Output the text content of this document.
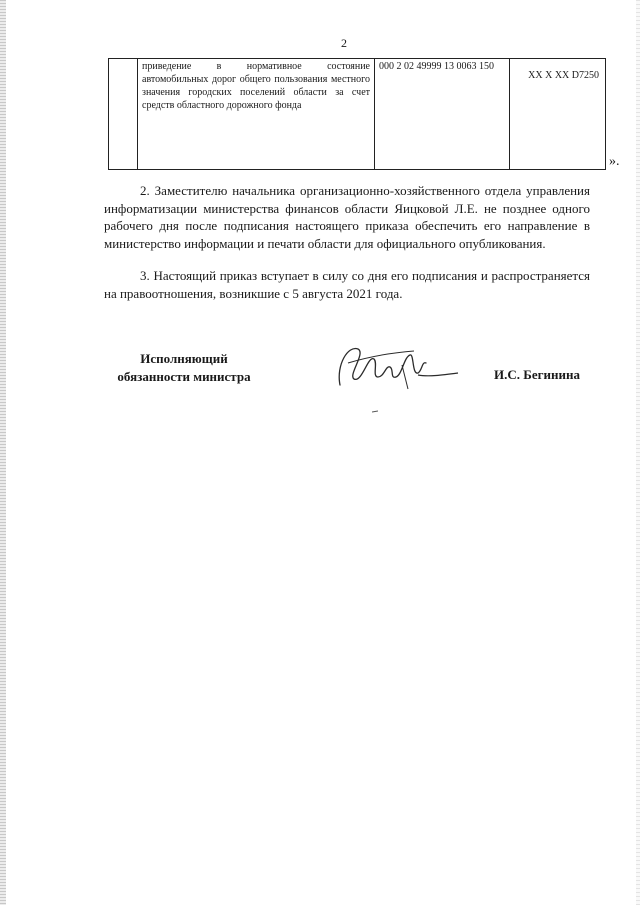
2
	приведение в нормативное состояние автомобильных дорог общего пользования местного значения городских поселений области за счет средств областного дорожного фонда	000 2 02 49999 13 0063 150	XX X XX D7250
».

2. Заместителю начальника организационно-хозяйственного отдела управления информатизации министерства финансов области Яицковой Л.Е. не позднее одного рабочего дня после подписания настоящего приказа обеспечить его направление в министерство информации и печати области для официального опубликования.

3. Настоящий приказ вступает в силу со дня его подписания и распространяется на правоотношения, возникшие с 5 августа 2021 года.

Исполняющий
обязанности министра	И.С. Бегинина
